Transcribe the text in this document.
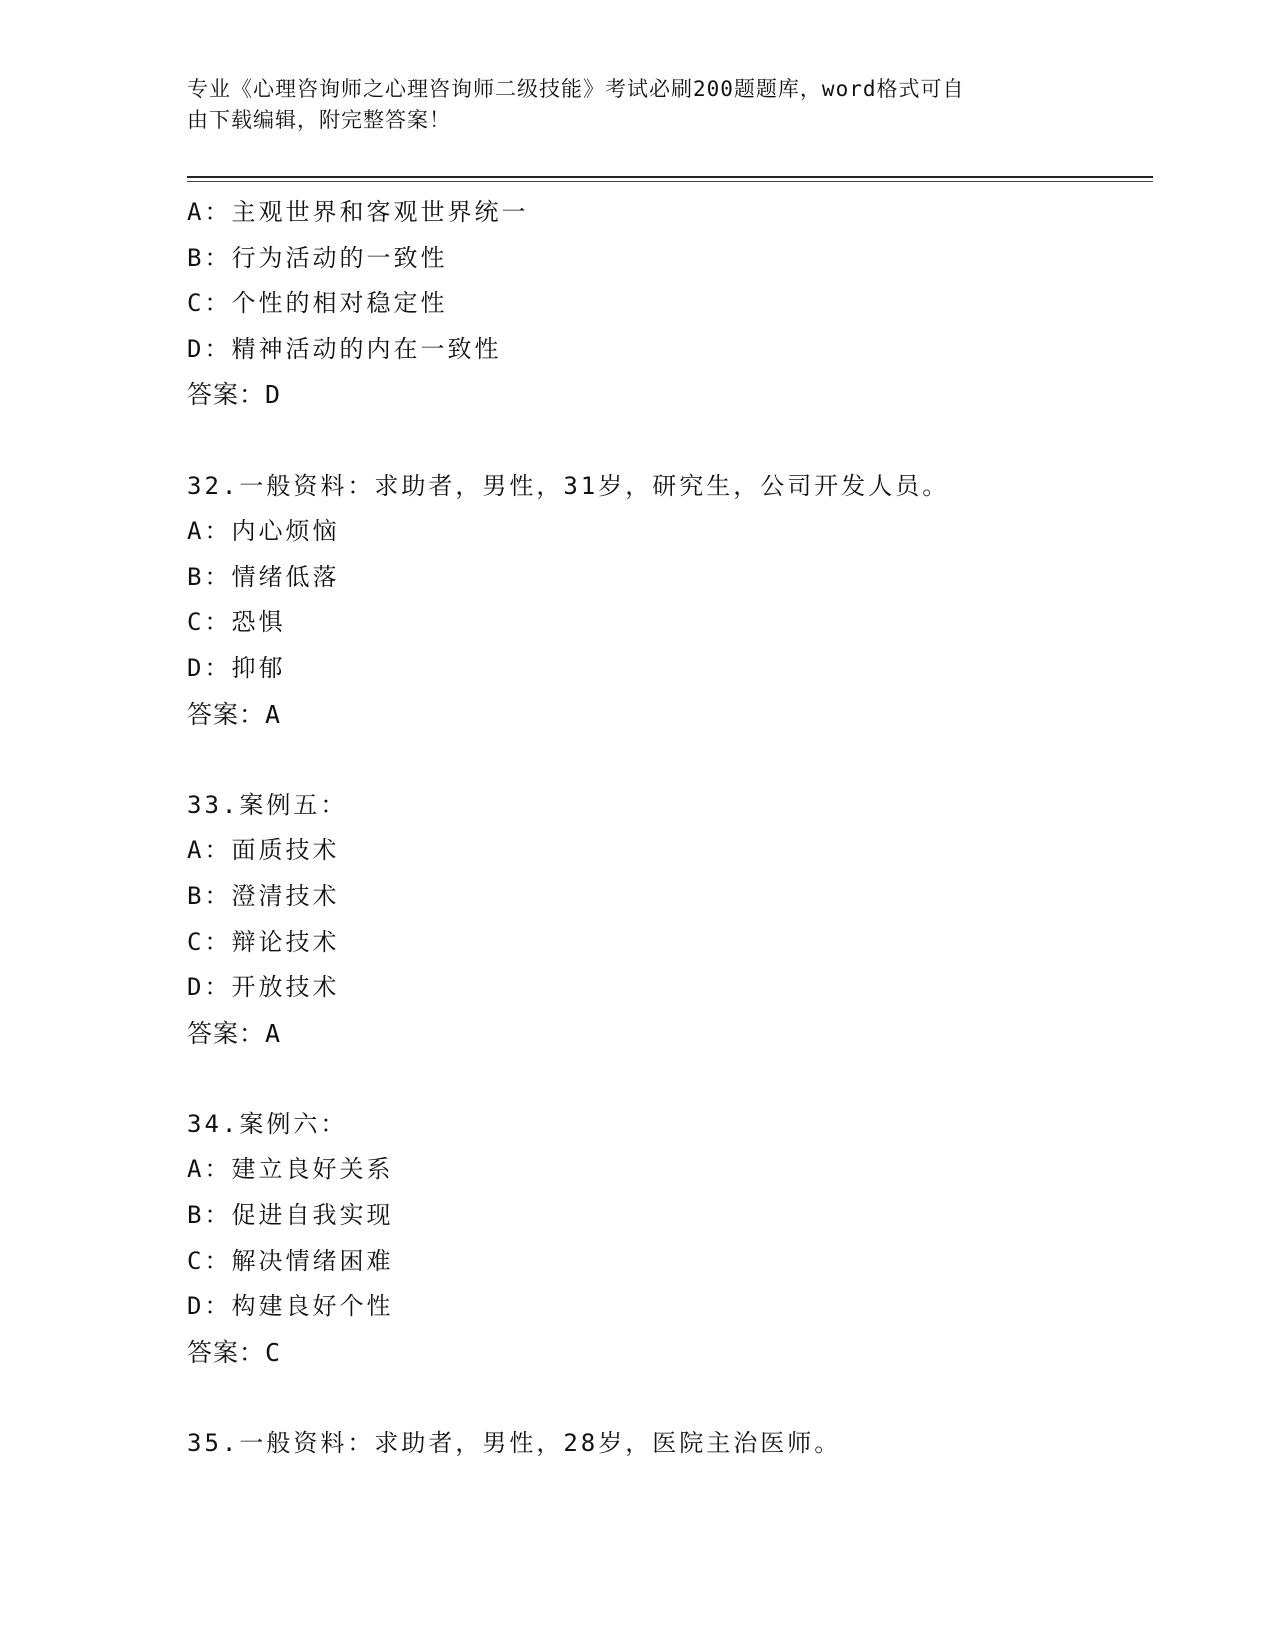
专业《心理咨询师之心理咨询师二级技能》考试必刷200题题库，word格式可自
由下载编辑，附完整答案！
A：主观世界和客观世界统一
B：行为活动的一致性
C：个性的相对稳定性
D：精神活动的内在一致性
答案：D
32.一般资料：求助者，男性，31岁，研究生，公司开发人员。
A：内心烦恼
B：情绪低落
C：恐惧
D：抑郁
答案：A
33.案例五：
A：面质技术
B：澄清技术
C：辩论技术
D：开放技术
答案：A
34.案例六：
A：建立良好关系
B：促进自我实现
C：解决情绪困难
D：构建良好个性
答案：C
35.一般资料：求助者，男性，28岁，医院主治医师。
